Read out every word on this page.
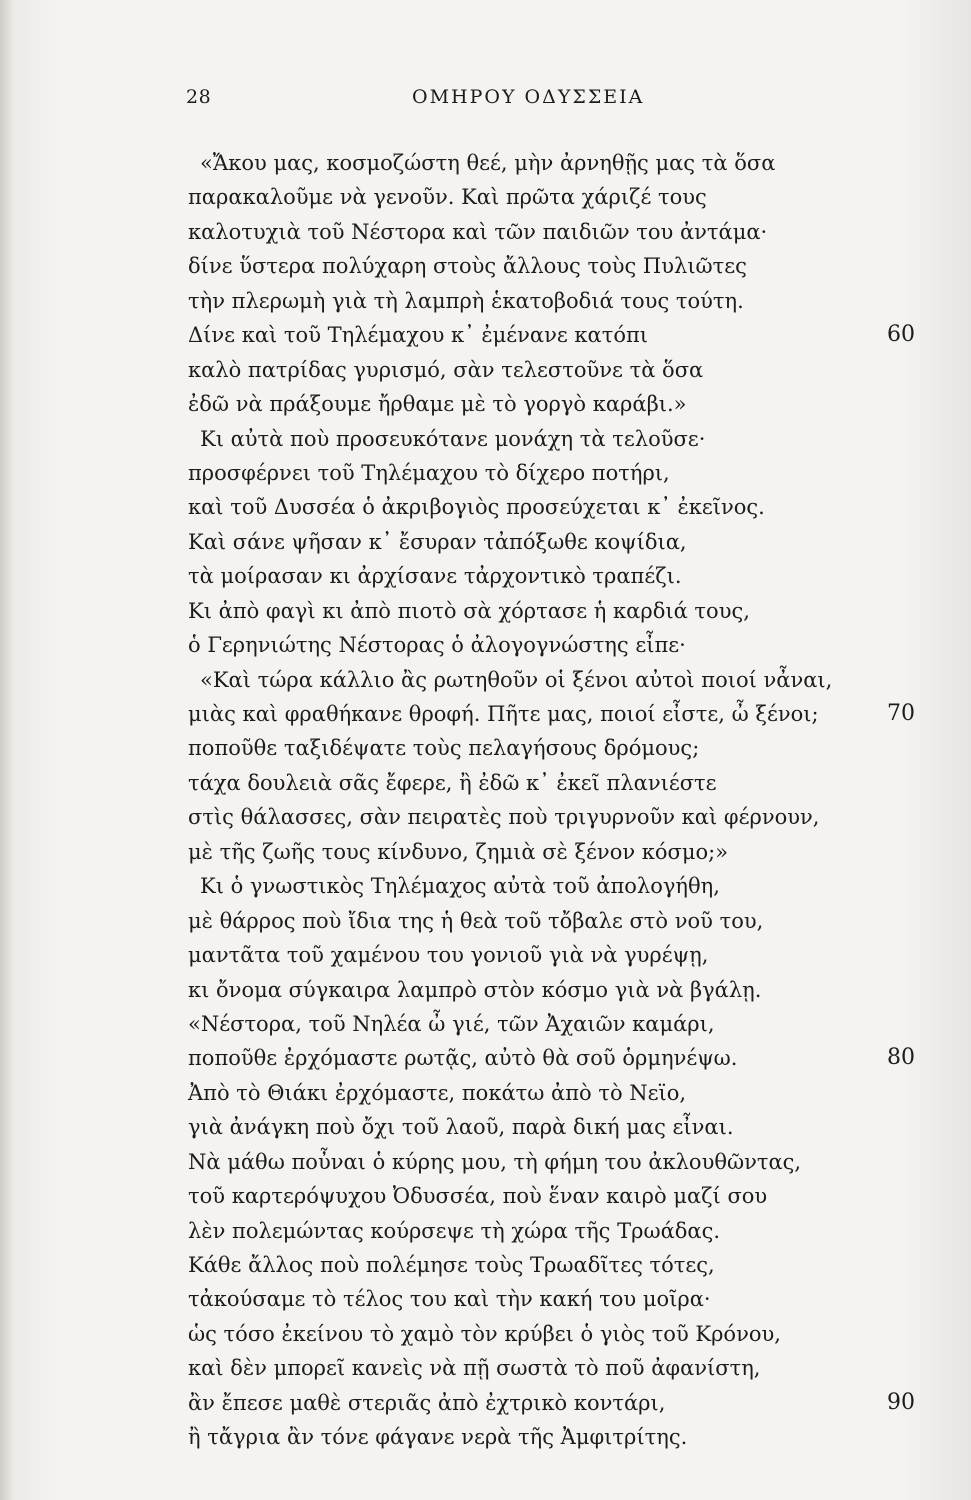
28	ΟΜΗΡΟΥ ΟΔΥΣΣΕΙΑ
«Ἄκου μας, κοσμοζώστη θεέ, μὴν ἀρνηθῇς μας τὰ ὅσα
παρακαλοῦμε νὰ γενοῦν. Καὶ πρῶτα χάριζέ τους
καλοτυχιὰ τοῦ Νέστορα καὶ τῶν παιδιῶν του ἀντάμα·
δίνε ὕστερα πολύχαρη στοὺς ἄλλους τοὺς Πυλιῶτες
τὴν πλερωμὴ γιὰ τὴ λαμπρὴ ἑκατοβοδιά τους τούτη.
Δίνε καὶ τοῦ Τηλέμαχου κ᾽ ἐμένανε κατόπι	60
καλὸ πατρίδας γυρισμό, σὰν τελεστοῦνε τὰ ὅσα
ἐδῶ νὰ πράξουμε ἤρθαμε μὲ τὸ γοργὸ καράβι.»
Κι αὐτὰ ποὺ προσευκότανε μονάχη τὰ τελοῦσε·
προσφέρνει τοῦ Τηλέμαχου τὸ δίχερο ποτήρι,
καὶ τοῦ Δυσσέα ὁ ἀκριβογιὸς προσεύχεται κ᾽ ἐκεῖνος.
Καὶ σάνε ψῆσαν κ᾽ ἔσυραν τἀπόξωθε κοψίδια,
τὰ μοίρασαν κι ἀρχίσανε τἀρχοντικὸ τραπέζι.
Κι ἀπὸ φαγὶ κι ἀπὸ πιοτὸ σὰ χόρτασε ἡ καρδιά τους,
ὁ Γερηνιώτης Νέστορας ὁ ἀλογογνώστης εἶπε·
«Καὶ τώρα κάλλιο ἂς ρωτηθοῦν οἱ ξένοι αὐτοὶ ποιοί νἆναι,
μιὰς καὶ φραθήκανε θροφή. Πῆτε μας, ποιοί εἶστε, ὦ ξένοι;	70
ποποῦθε ταξιδέψατε τοὺς πελαγήσους δρόμους;
τάχα δουλειὰ σᾶς ἔφερε, ἢ ἐδῶ κ᾽ ἐκεῖ πλανιέστε
στὶς θάλασσες, σὰν πειρατὲς ποὺ τριγυρνοῦν καὶ φέρνουν,
μὲ τῆς ζωῆς τους κίνδυνο, ζημιὰ σὲ ξένον κόσμο;»
Κι ὁ γνωστικὸς Τηλέμαχος αὐτὰ τοῦ ἀπολογήθη,
μὲ θάρρος ποὺ ἴδια της ἡ θεὰ τοῦ τὄβαλε στὸ νοῦ του,
μαντᾶτα τοῦ χαμένου του γονιοῦ γιὰ νὰ γυρέψῃ,
κι ὄνομα σύγκαιρα λαμπρὸ στὸν κόσμο γιὰ νὰ βγάλῃ.
«Νέστορα, τοῦ Νηλέα ὦ γιέ, τῶν Ἀχαιῶν καμάρι,
ποποῦθε ἐρχόμαστε ρωτᾷς, αὐτὸ θὰ σοῦ ὁρμηνέψω.	80
Ἀπὸ τὸ Θιάκι ἐρχόμαστε, ποκάτω ἀπὸ τὸ Νεϊο,
γιὰ ἀνάγκη ποὺ ὄχι τοῦ λαοῦ, παρὰ δική μας εἶναι.
Νὰ μάθω ποὖναι ὁ κύρης μου, τὴ φήμη του ἀκλουθῶντας,
τοῦ καρτερόψυχου Ὀδυσσέα, ποὺ ἕναν καιρὸ μαζί σου
λὲν πολεμώντας κούρσεψε τὴ χώρα τῆς Τρωάδας.
Κάθε ἄλλος ποὺ πολέμησε τοὺς Τρωαδῖτες τότες,
τἀκούσαμε τὸ τέλος του καὶ τὴν κακή του μοῖρα·
ὡς τόσο ἐκείνου τὸ χαμὸ τὸν κρύβει ὁ γιὸς τοῦ Κρόνου,
καὶ δὲν μπορεῖ κανεὶς νὰ πῇ σωστὰ τὸ ποῦ ἀφανίστη,
ἂν ἔπεσε μαθὲ στεριᾶς ἀπὸ ἐχτρικὸ κοντάρι,	90
ἢ τἄγρια ἂν τόνε φάγανε νερὰ τῆς Ἀμφιτρίτης.
